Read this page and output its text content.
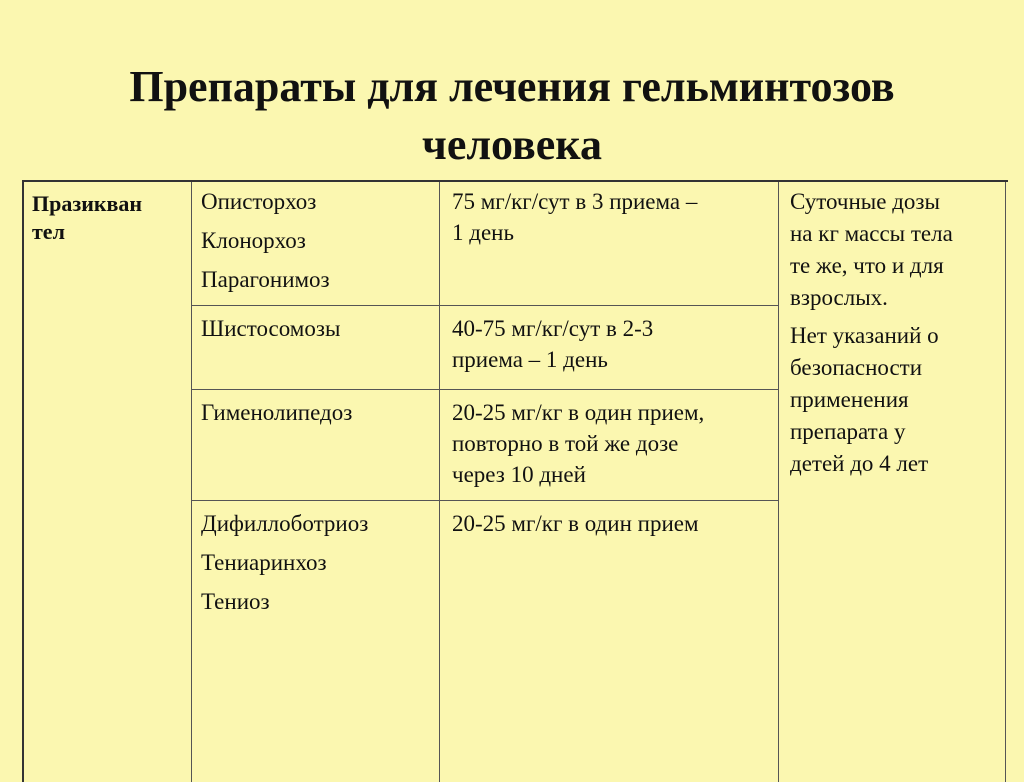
Препараты для лечения гельминтозов
человека
Празикван
тел
Описторхоз
Клонорхоз
Парагонимоз
75 мг/кг/сут в 3 приема –
1 день
Шистосомозы	40-75 мг/кг/сут в 2-3
приема – 1 день
Гименолипедоз	20-25 мг/кг в один прием,
повторно в той же дозе
через 10 дней
Дифиллоботриоз
Тениаринхоз
Тениоз
20-25 мг/кг в один прием
Суточные дозы
на кг массы тела
те же, что и для
взрослых.
Нет указаний о
безопасности
применения
препарата у
детей до 4 лет
